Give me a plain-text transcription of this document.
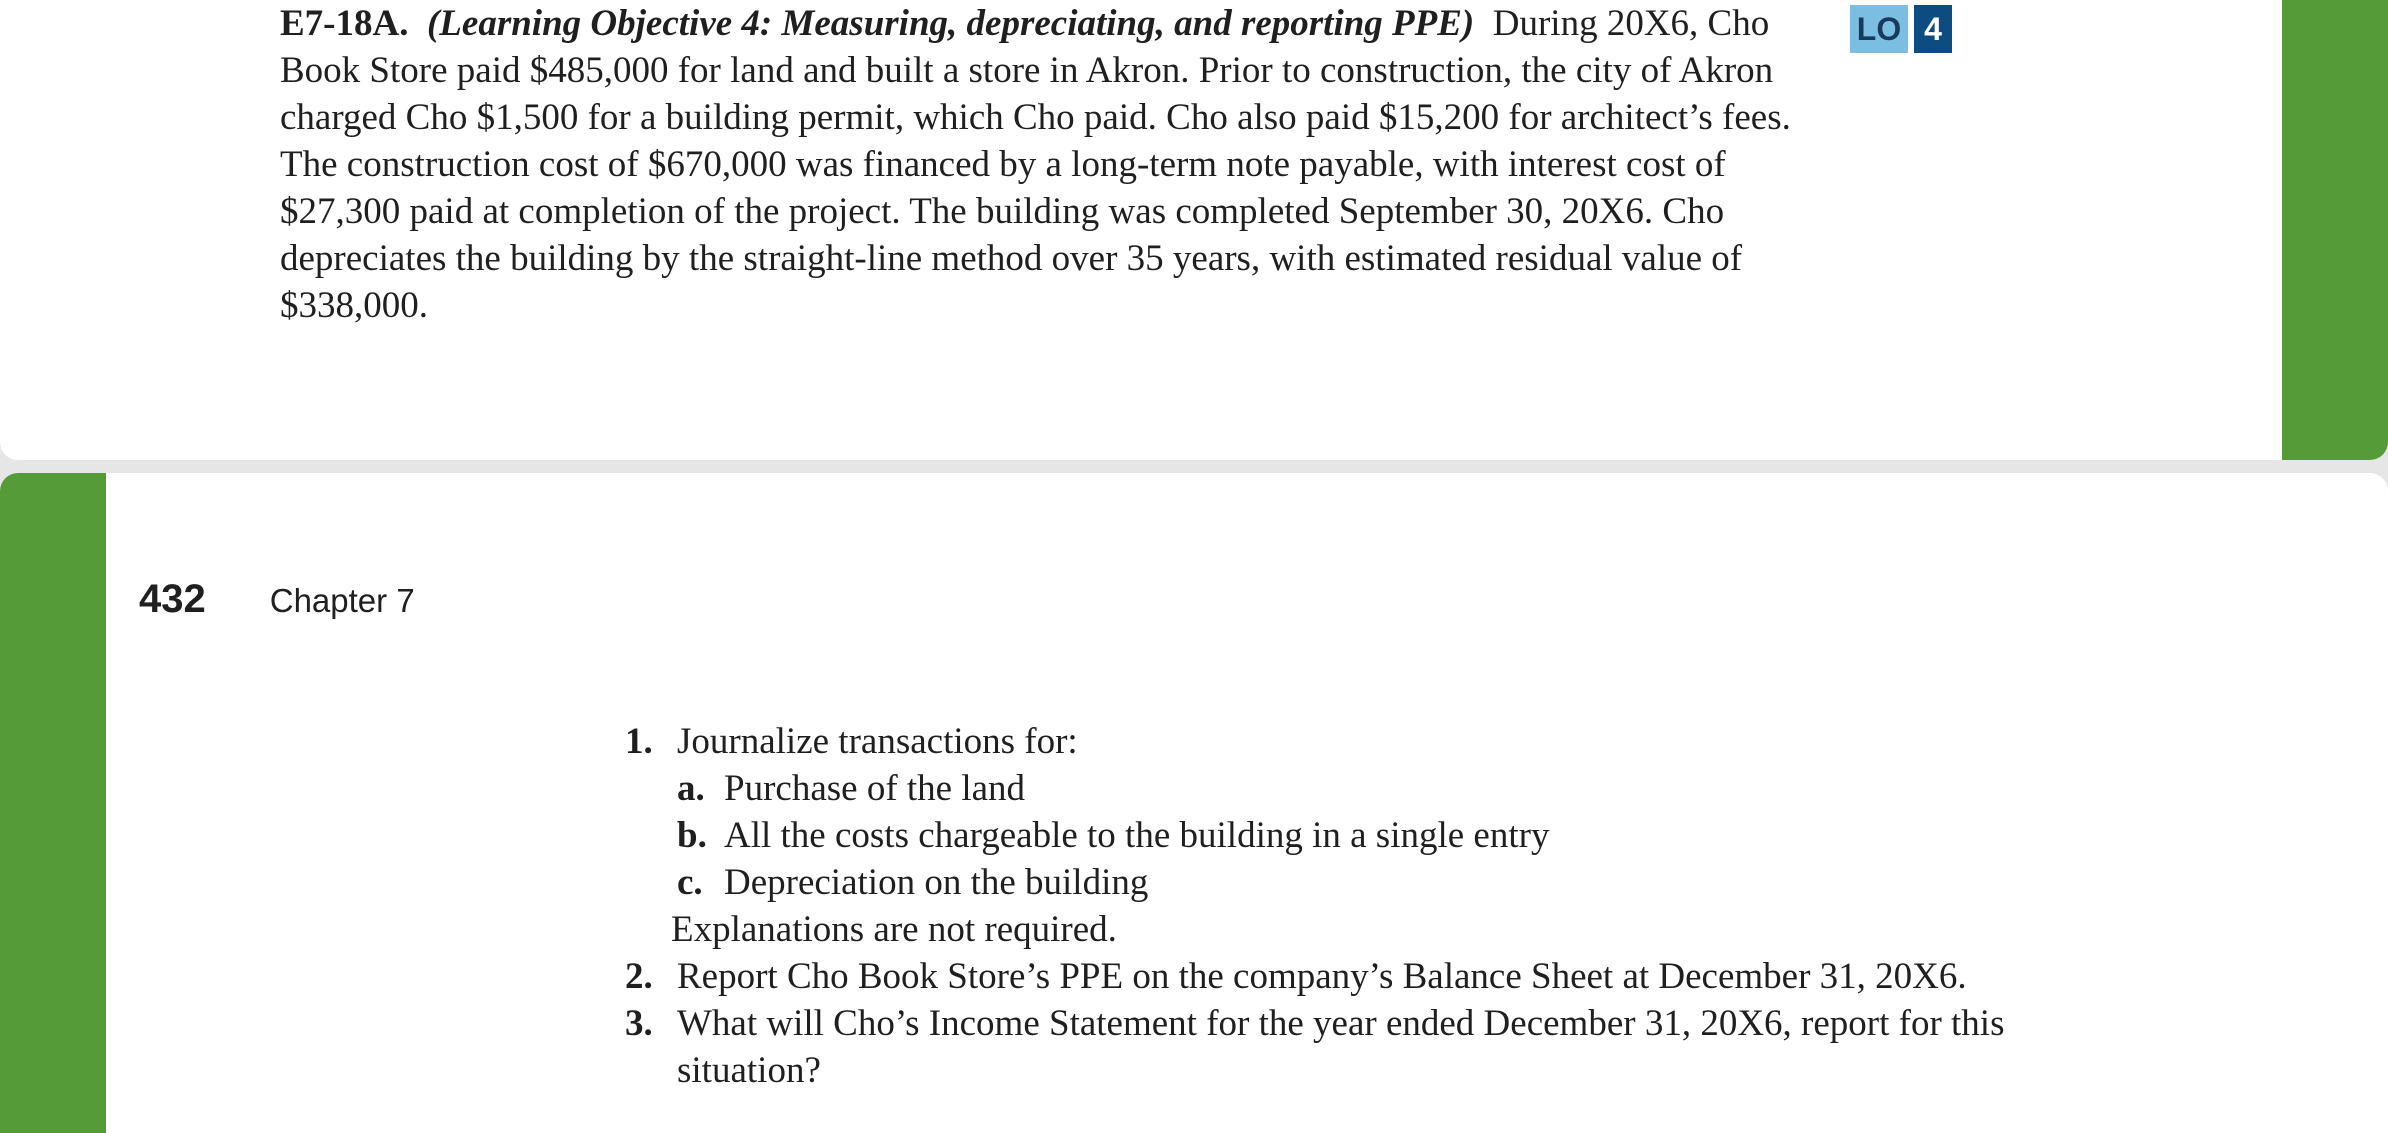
E7-18A. (Learning Objective 4: Measuring, depreciating, and reporting PPE) During 20X6, Cho Book Store paid $485,000 for land and built a store in Akron. Prior to construction, the city of Akron charged Cho $1,500 for a building permit, which Cho paid. Cho also paid $15,200 for architect’s fees. The construction cost of $670,000 was financed by a long-term note payable, with interest cost of $27,300 paid at completion of the project. The building was completed September 30, 20X6. Cho depreciates the building by the straight-line method over 35 years, with estimated residual value of $338,000.

LO 4
432 Chapter 7
1. Journalize transactions for:
a. Purchase of the land
b. All the costs chargeable to the building in a single entry
c. Depreciation on the building
Explanations are not required.
2. Report Cho Book Store’s PPE on the company’s Balance Sheet at December 31, 20X6.
3. What will Cho’s Income Statement for the year ended December 31, 20X6, report for this situation?
